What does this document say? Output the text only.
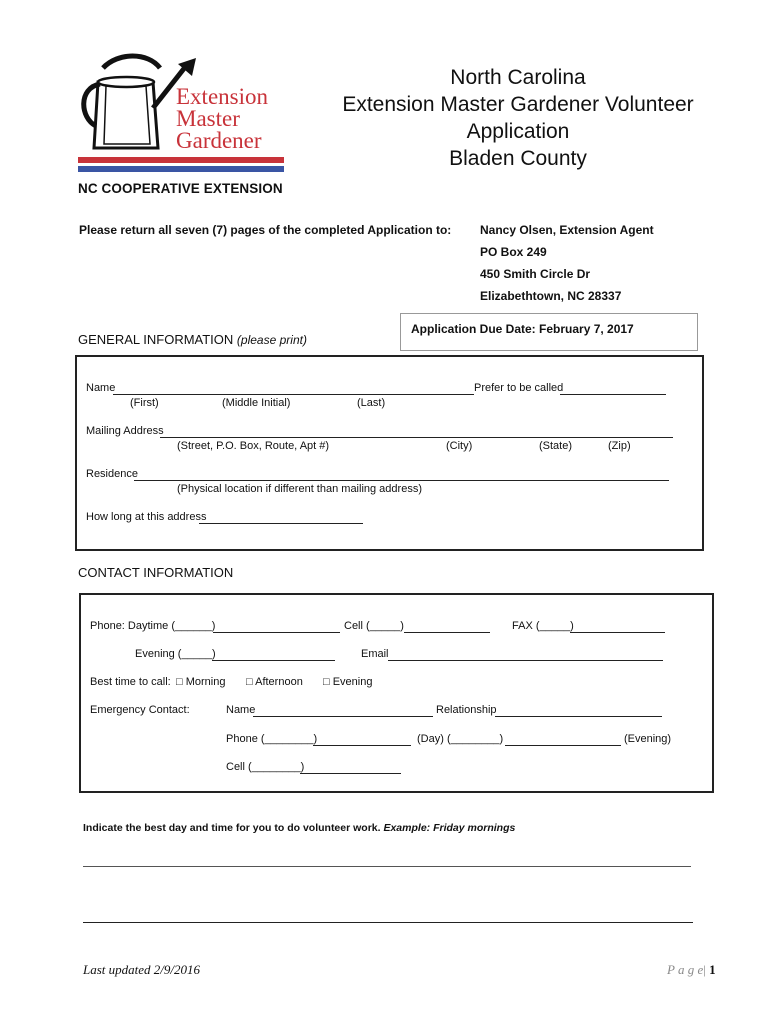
Extension
Master
Gardener
NC COOPERATIVE EXTENSION
North Carolina
Extension Master Gardener Volunteer
Application
Bladen County
Please return all seven (7) pages of the completed Application to: Nancy Olsen, Extension Agent
PO Box 249
450 Smith Circle Dr
Elizabethtown, NC 28337
Application Due Date: February 7, 2017
GENERAL INFORMATION (please print)
Name	Prefer to be called
(First)	(Middle Initial)	(Last)
Mailing Address
(Street, P.O. Box, Route, Apt #)	(City)	(State)	(Zip)
Residence
(Physical location if different than mailing address)
How long at this address
CONTACT INFORMATION
Phone: Daytime (______)	Cell (_____)	FAX (_____)
Evening (_____)	Email
Best time to call: □ Morning □ Afternoon □ Evening
Emergency Contact:	Name	Relationship
Phone (________)	(Day) (________)	(Evening)
Cell (________)
Indicate the best day and time for you to do volunteer work. Example: Friday mornings
Last updated 2/9/2016	P a g e| 1
